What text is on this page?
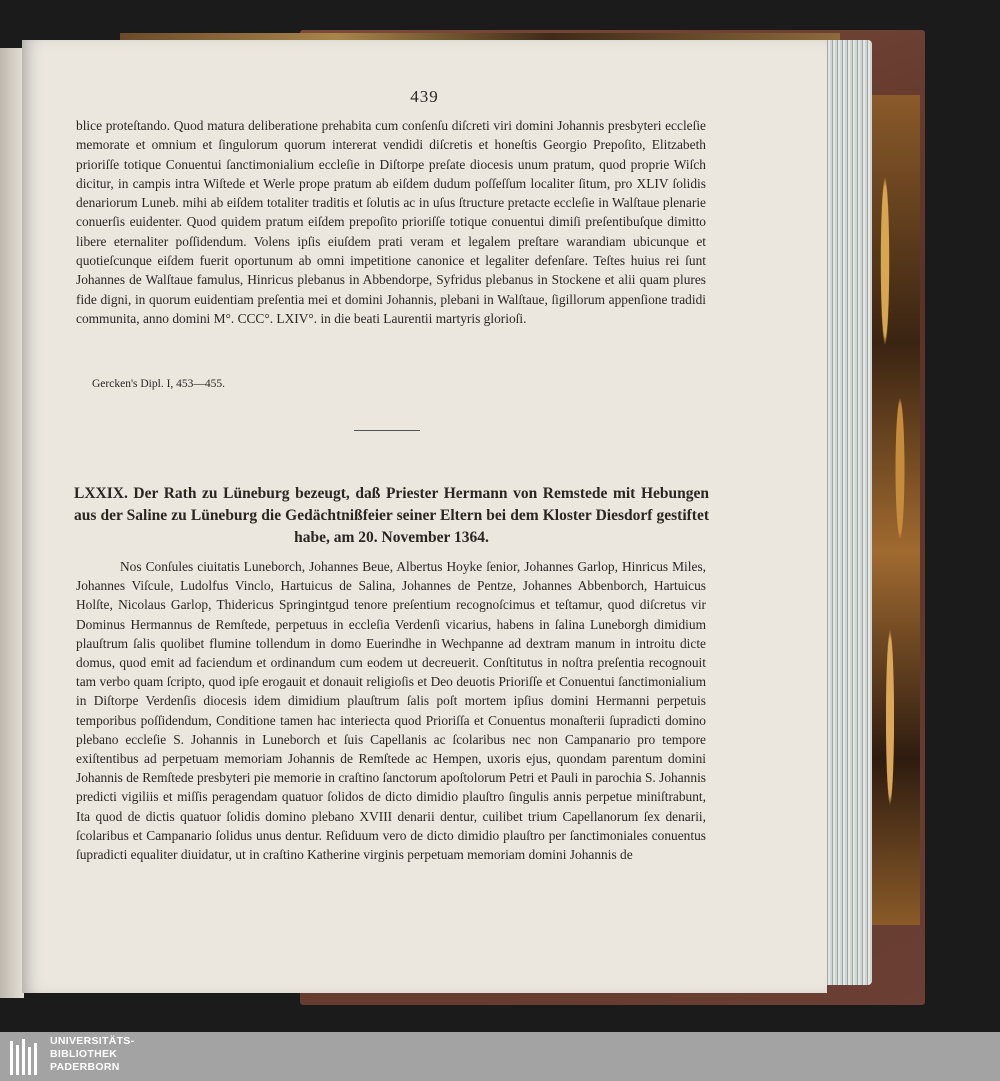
439
blice proteſtando. Quod matura deliberatione prehabita cum conſenſu diſcreti viri domini Johannis presbyteri eccleſie memorate et omnium et ſingulorum quorum intererat vendidi diſcretis et honeſtis Georgio Prepoſito, Elitzabeth prioriſſe totique Conuentui ſanctimonialium eccleſie in Diſtorpe preſate diocesis unum pratum, quod proprie Wiſch dicitur, in campis intra Wiſtede et Werle prope pratum ab eiſdem dudum poſſeſſum localiter ſitum, pro XLIV ſolidis denariorum Luneb. mihi ab eiſdem totaliter traditis et ſolutis ac in uſus ſtructure pretacte eccleſie in Walſtaue plenarie conuerſis euidenter. Quod quidem pratum eiſdem prepoſito prioriſſe totique conuentui dimiſi preſentibuſque dimitto libere eternaliter poſſidendum. Volens ipſis eiuſdem prati veram et legalem preſtare warandiam ubicunque et quotieſcunque eiſdem fuerit oportunum ab omni impetitione canonice et legaliter defenſare. Teſtes huius rei ſunt Johannes de Walſtaue famulus, Hinricus plebanus in Abbendorpe, Syfridus plebanus in Stockene et alii quam plures fide digni, in quorum euidentiam preſentia mei et domini Johannis, plebani in Walſtaue, ſigillorum appenſione tradidi communita, anno domini M°. CCC°. LXIV°. in die beati Laurentii martyris glorioſi.
Gercken's Dipl. I, 453—455.
LXXIX. Der Rath zu Lüneburg bezeugt, daß Priester Hermann von Remstede mit Hebungen aus der Saline zu Lüneburg die Gedächtnißfeier seiner Eltern bei dem Kloster Diesdorf gestiftet habe, am 20. November 1364.
Nos Conſules ciuitatis Luneborch, Johannes Beue, Albertus Hoyke ſenior, Johannes Garlop, Hinricus Miles, Johannes Viſcule, Ludolfus Vinclo, Hartuicus de Salina, Johannes de Pentze, Johannes Abbenborch, Hartuicus Holſte, Nicolaus Garlop, Thidericus Springintgud tenore preſentium recognoſcimus et teſtamur, quod diſcretus vir Dominus Hermannus de Remſtede, perpetuus in eccleſia Verdenſi vicarius, habens in ſalina Luneborgh dimidium plauſtrum ſalis quolibet flumine tollendum in domo Euerindhe in Wechpanne ad dextram manum in introitu dicte domus, quod emit ad faciendum et ordinandum cum eodem ut decreuerit. Conſtitutus in noſtra preſentia recognouit tam verbo quam ſcripto, quod ipſe erogauit et donauit religioſis et Deo deuotis Prioriſſe et Conuentui ſanctimonialium in Diſtorpe Verdenſis diocesis idem dimidium plauſtrum ſalis poſt mortem ipſius domini Hermanni perpetuis temporibus poſſidendum, Conditione tamen hac interiecta quod Prioriſſa et Conuentus monaſterii ſupradicti domino plebano eccleſie S. Johannis in Luneborch et ſuis Capellanis ac ſcolaribus nec non Campanario pro tempore exiſtentibus ad perpetuam memoriam Johannis de Remſtede ac Hempen, uxoris ejus, quondam parentum domini Johannis de Remſtede presbyteri pie memorie in craſtino ſanctorum apoſtolorum Petri et Pauli in parochia S. Johannis predicti vigiliis et miſſis peragendam quatuor ſolidos de dicto dimidio plauſtro ſingulis annis perpetue miniſtrabunt, Ita quod de dictis quatuor ſolidis domino plebano XVIII denarii dentur, cuilibet trium Capellanorum ſex denarii, ſcolaribus et Campanario ſolidus unus dentur. Reſiduum vero de dicto dimidio plauſtro per ſanctimoniales conuentus ſupradicti equaliter diuidatur, ut in craſtino Katherine virginis perpetuam memoriam domini Johannis de
UNIVERSITÄTS-
BIBLIOTHEK
PADERBORN
